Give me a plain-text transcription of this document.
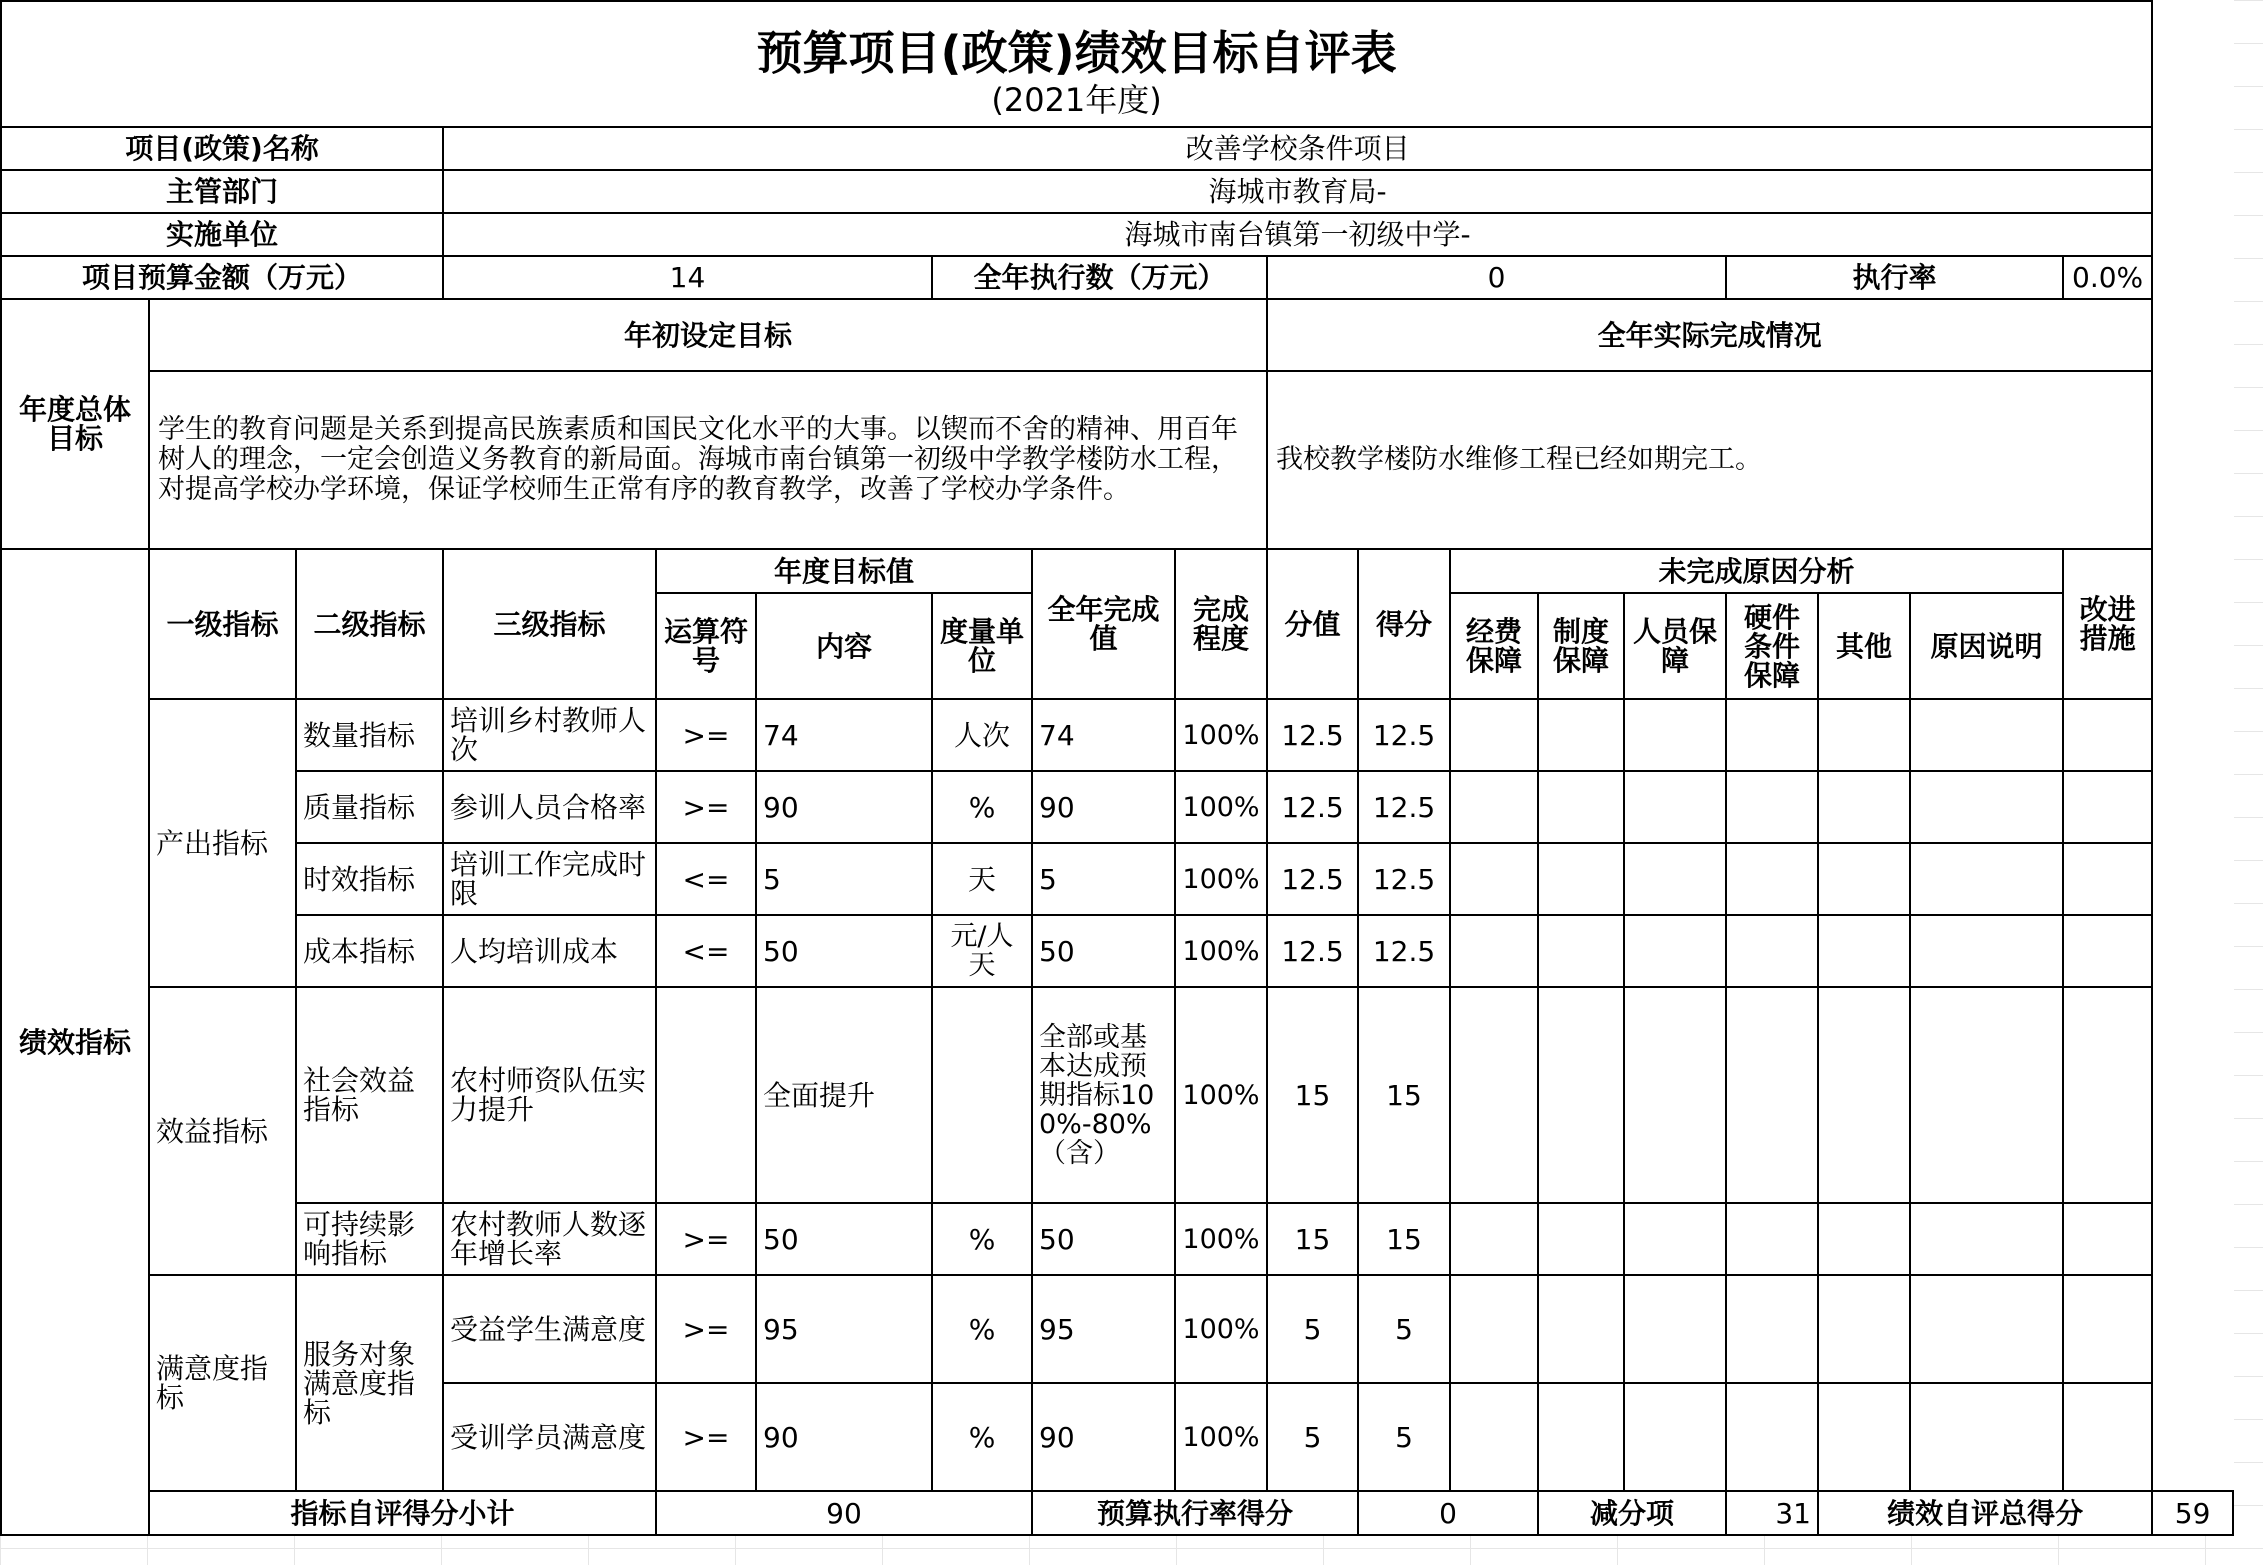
预算项目(政策)绩效目标自评表
(2021年度)																		

项目(政策)名称			改善学校条件项目															
主管部门			海城市教育局-															
实施单位			海城市南台镇第一初级中学-															
项目预算金额（万元）			14			全年执行数（万元）			0					执行率			0.0%	
年度总体目标	年初设定目标								全年实际完成情况									
	学生的教育问题是关系到提高民族素质和国民文化水平的大事。以锲而不舍的精神、用百年树人的理念，一定会创造义务教育的新局面。海城市南台镇第一初级中学教学楼防水工程，对提高学校办学环境，保证学校师生正常有序的教育教学，改善了学校办学条件。								我校教学楼防水维修工程已经如期完工。									
绩效指标	一级指标	二级指标	三级指标	年度目标值			全年完成值	完成程度	分值	得分	未完成原因分析						改进措施	
				运算符号	内容	度量单位					经费保障	制度保障	人员保障	硬件条件保障	其他	原因说明		
	产出指标	数量指标	培训乡村教师人次	>=	74	人次	74	100%	12.5	12.5								
		质量指标	参训人员合格率	>=	90	%	90	100%	12.5	12.5								
		时效指标	培训工作完成时限	<=	5	天	5	100%	12.5	12.5								
		成本指标	人均培训成本	<=	50	元/人天	50	100%	12.5	12.5								
	效益指标	社会效益指标	农村师资队伍实力提升		全面提升		全部或基本达成预期指标100%-80%（含）	100%	15	15								
		可持续影响指标	农村教师人数逐年增长率	>=	50	%	50	100%	15	15								
	满意度指标	服务对象满意度指标	受益学生满意度	>=	95	%	95	100%	5	5								
			受训学员满意度	>=	90	%	90	100%	5	5								
	指标自评得分小计			90			预算执行率得分			0		减分项		31	绩效自评总得分			59
